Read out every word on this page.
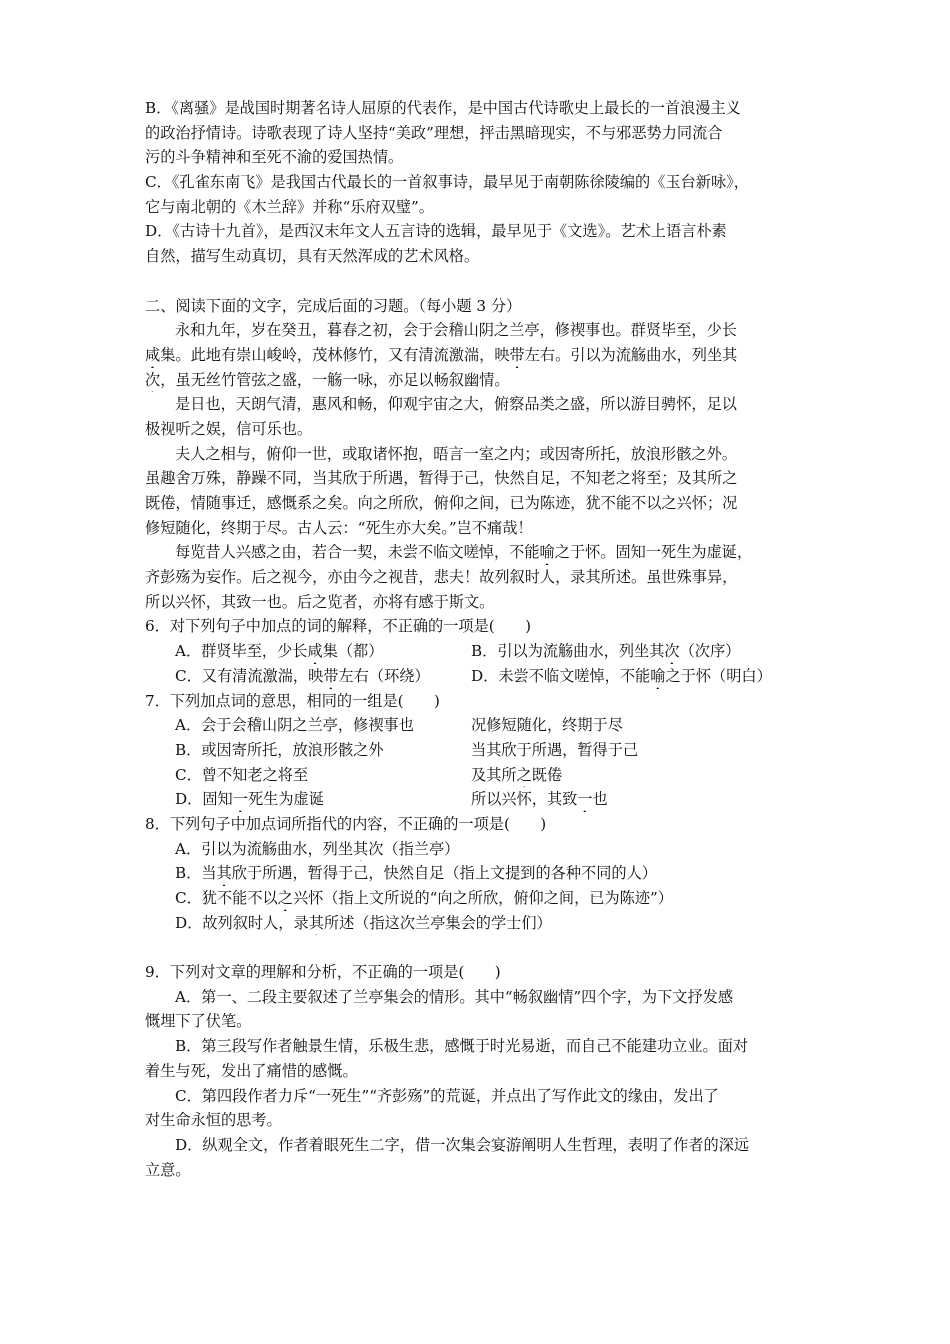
B．《离骚》是战国时期著名诗人屈原的代表作，是中国古代诗歌史上最长的一首浪漫主义
的政治抒情诗。诗歌表现了诗人坚持“美政”理想，抨击黑暗现实，不与邪恶势力同流合
污的斗争精神和至死不渝的爱国热情。
C．《孔雀东南飞》是我国古代最长的一首叙事诗，最早见于南朝陈徐陵编的《玉台新咏》，
它与南北朝的《木兰辞》并称“乐府双璧”。
D．《古诗十九首》，是西汉末年文人五言诗的选辑，最早见于《文选》。艺术上语言朴素
自然，描写生动真切，具有天然浑成的艺术风格。
二、阅读下面的文字，完成后面的习题。（每小题 3 分）
永和九年，岁在癸丑，暮春之初，会于会稽山阴之兰亭，修禊事也。群贤毕至，少长
咸集。此地有崇山峻岭，茂林修竹，又有清流激湍，映带左右。引以为流觞曲水，列坐其
次，虽无丝竹管弦之盛，一觞一咏，亦足以畅叙幽情。
是日也，天朗气清，惠风和畅，仰观宇宙之大，俯察品类之盛，所以游目骋怀，足以
极视听之娱，信可乐也。
夫人之相与，俯仰一世，或取诸怀抱，晤言一室之内；或因寄所托，放浪形骸之外。
虽趣舍万殊，静躁不同，当其欣于所遇，暂得于己，快然自足，不知老之将至；及其所之
既倦，情随事迁，感慨系之矣。向之所欣，俯仰之间，已为陈迹，犹不能不以之兴怀；况
修短随化，终期于尽。古人云：“死生亦大矣。”岂不痛哉！
每览昔人兴感之由，若合一契，未尝不临文嗟悼，不能喻之于怀。固知一死生为虚诞，
齐彭殇为妄作。后之视今，亦由今之视昔，悲夫！故列叙时人，录其所述。虽世殊事异，
所以兴怀，其致一也。后之览者，亦将有感于斯文。
6．对下列句子中加点的词的解释，不正确的一项是(　　)
A．群贤毕至，少长咸集（都）	B．引以为流觞曲水，列坐其次（次序）
C．又有清流激湍，映带左右（环绕）	D．未尝不临文嗟悼，不能喻之于怀（明白）
7．下列加点词的意思，相同的一组是(　　)
A．会于会稽山阴之兰亭，修禊事也	况修短随化，终期于尽
B．或因寄所托，放浪形骸之外	当其欣于所遇，暂得于己
C．曾不知老之将至	及其所之既倦
D．固知一死生为虚诞	所以兴怀，其致一也
8．下列句子中加点词所指代的内容，不正确的一项是(　　)
A．引以为流觞曲水，列坐其次（指兰亭）
B．当其欣于所遇，暂得于己，快然自足（指上文提到的各种不同的人）
C．犹不能不以之兴怀（指上文所说的“向之所欣，俯仰之间，已为陈迹”）
D．故列叙时人，录其所述（指这次兰亭集会的学士们）
9．下列对文章的理解和分析，不正确的一项是(　　)
A．第一、二段主要叙述了兰亭集会的情形。其中“畅叙幽情”四个字，为下文抒发感
慨埋下了伏笔。
B．第三段写作者触景生情，乐极生悲，感慨于时光易逝，而自己不能建功立业。面对
着生与死，发出了痛惜的感慨。
C．第四段作者力斥“一死生”“齐彭殇”的荒诞，并点出了写作此文的缘由，发出了
对生命永恒的思考。
D．纵观全文，作者着眼死生二字，借一次集会宴游阐明人生哲理，表明了作者的深远
立意。
